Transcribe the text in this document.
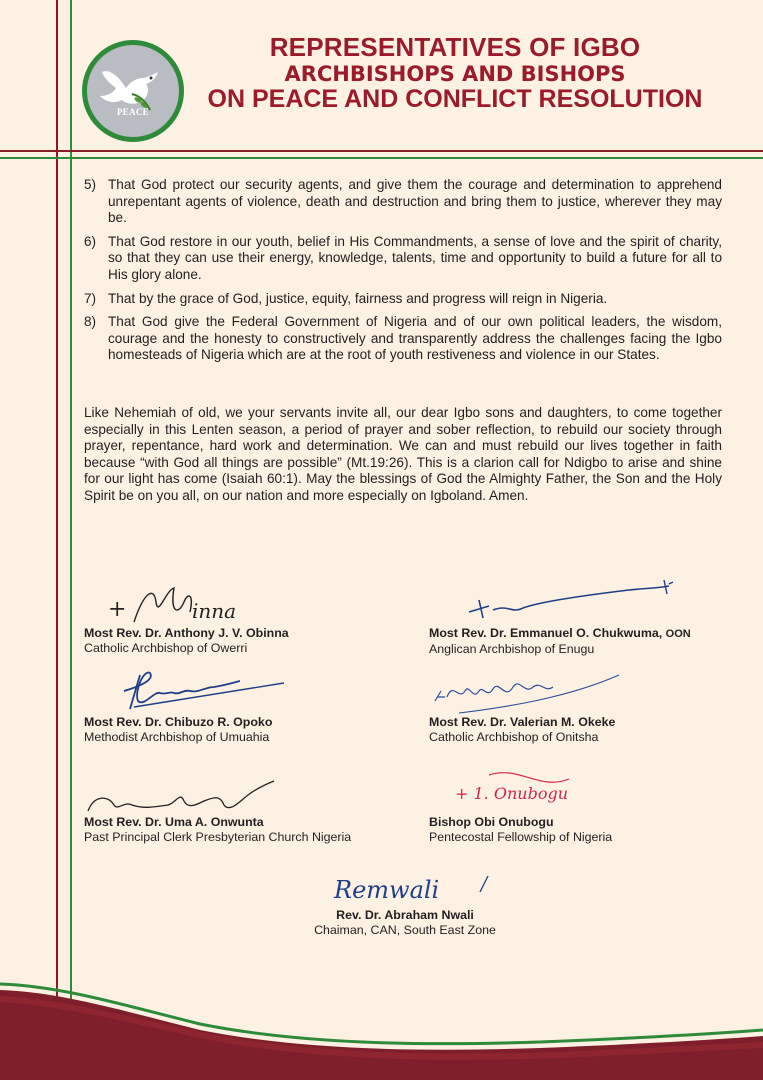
PEACE
REPRESENTATIVES OF IGBO
ARCHBISHOPS AND BISHOPS
ON PEACE AND CONFLICT RESOLUTION
5) That God protect our security agents, and give them the courage and determination to apprehend unrepentant agents of violence, death and destruction and bring them to justice, wherever they may be.
6) That God restore in our youth, belief in His Commandments, a sense of love and the spirit of charity, so that they can use their energy, knowledge, talents, time and opportunity to build a future for all to His glory alone.
7) That by the grace of God, justice, equity, fairness and progress will reign in Nigeria.
8) That God give the Federal Government of Nigeria and of our own political leaders, the wisdom, courage and the honesty to constructively and transparently address the challenges facing the Igbo homesteads of Nigeria which are at the root of youth restiveness and violence in our States.
Like Nehemiah of old, we your servants invite all, our dear Igbo sons and daughters, to come together especially in this Lenten season, a period of prayer and sober reflection, to rebuild our society through prayer, repentance, hard work and determination. We can and must rebuild our lives together in faith because “with God all things are possible” (Mt.19:26). This is a clarion call for Ndigbo to arise and shine for our light has come (Isaiah 60:1). May the blessings of God the Almighty Father, the Son and the Holy Spirit be on you all, on our nation and more especially on Igboland. Amen.
+	inna
Most Rev. Dr. Anthony J. V. Obinna
Catholic Archbishop of Owerri
Most Rev. Dr. Emmanuel O. Chukwuma, OON
Anglican Archbishop of Enugu
Most Rev. Dr. Chibuzo R. Opoko
Methodist Archbishop of Umuahia
Most Rev. Dr. Valerian M. Okeke
Catholic Archbishop of Onitsha
Most Rev. Dr. Uma A. Onwunta
Past Principal Clerk Presbyterian Church Nigeria
+ 1. Onubogu
Bishop Obi Onubogu
Pentecostal Fellowship of Nigeria
Remwali
Rev. Dr. Abraham Nwali
Chaiman, CAN, South East Zone
